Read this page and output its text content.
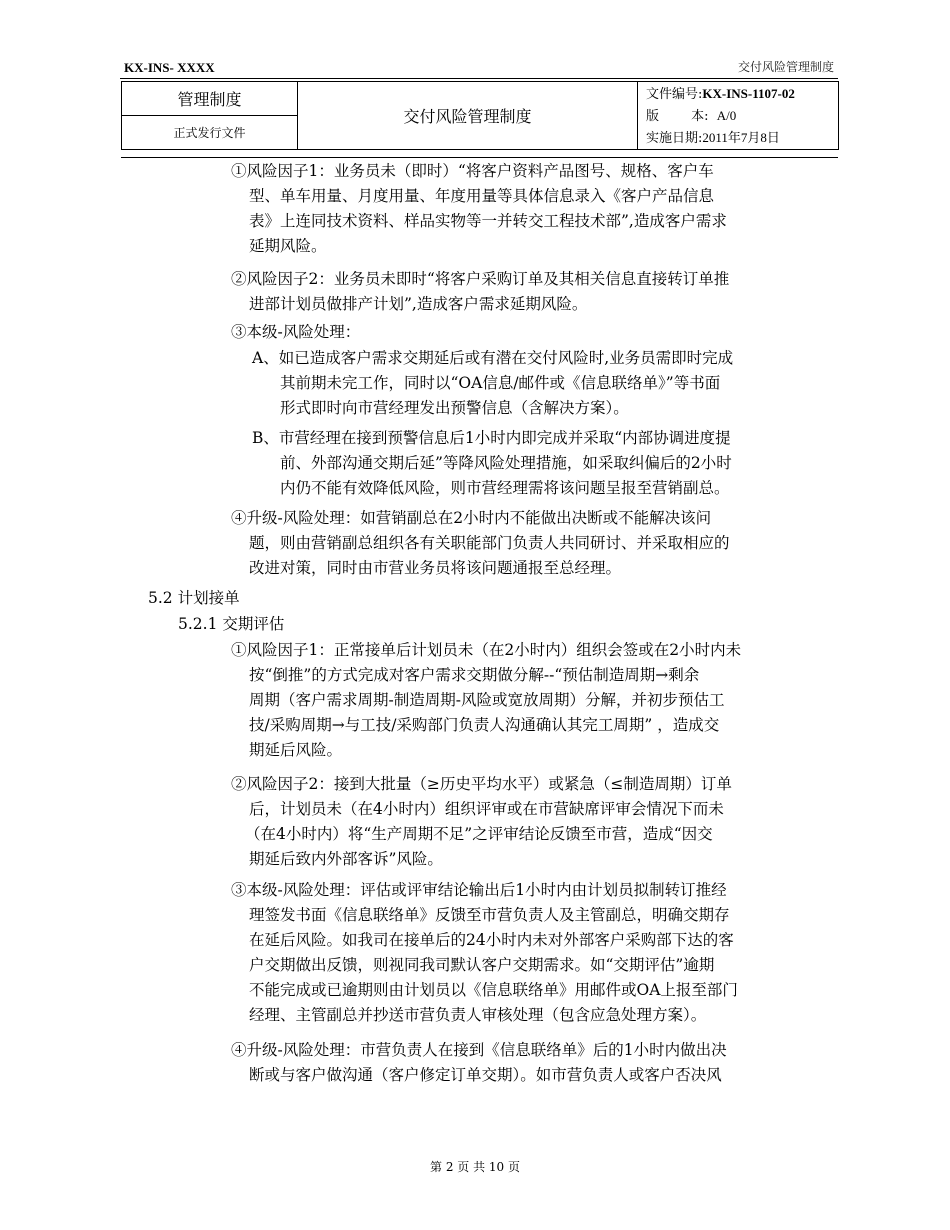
KX-INS- XXXX	交付风险管理制度
管理制度	交付风险管理制度	
文件编号:KX-INS-1107-02
版 本: A/0
实施日期:2011年7月8日

正式发行文件
①风险因子1：业务员未（即时）“将客户资料产品图号、规格、客户车
型、单车用量、月度用量、年度用量等具体信息录入《客户产品信息
表》上连同技术资料、样品实物等一并转交工程技术部”,造成客户需求
延期风险。
②风险因子2：业务员未即时“将客户采购订单及其相关信息直接转订单推
进部计划员做排产计划”,造成客户需求延期风险。
③本级-风险处理：
A、如已造成客户需求交期延后或有潜在交付风险时,业务员需即时完成
其前期未完工作，同时以“OA信息/邮件或《信息联络单》”等书面
形式即时向市营经理发出预警信息（含解决方案）。
B、市营经理在接到预警信息后1小时内即完成并采取“内部协调进度提
前、外部沟通交期后延”等降风险处理措施，如采取纠偏后的2小时
内仍不能有效降低风险，则市营经理需将该问题呈报至营销副总。
④升级-风险处理：如营销副总在2小时内不能做出决断或不能解决该问
题，则由营销副总组织各有关职能部门负责人共同研讨、并采取相应的
改进对策，同时由市营业务员将该问题通报至总经理。
5.2 计划接单
5.2.1 交期评估
①风险因子1：正常接单后计划员未（在2小时内）组织会签或在2小时内未
按“倒推”的方式完成对客户需求交期做分解--“预估制造周期→剩余
周期（客户需求周期-制造周期-风险或宽放周期）分解，并初步预估工
技/采购周期→与工技/采购部门负责人沟通确认其完工周期” ，造成交
期延后风险。
②风险因子2：接到大批量（≥历史平均水平）或紧急（≤制造周期）订单
后，计划员未（在4小时内）组织评审或在市营缺席评审会情况下而未
（在4小时内）将“生产周期不足”之评审结论反馈至市营，造成“因交
期延后致内外部客诉”风险。
③本级-风险处理：评估或评审结论输出后1小时内由计划员拟制转订推经
理签发书面《信息联络单》反馈至市营负责人及主管副总，明确交期存
在延后风险。如我司在接单后的24小时内未对外部客户采购部下达的客
户交期做出反馈，则视同我司默认客户交期需求。如“交期评估”逾期
不能完成或已逾期则由计划员以《信息联络单》用邮件或OA上报至部门
经理、主管副总并抄送市营负责人审核处理（包含应急处理方案）。
④升级-风险处理：市营负责人在接到《信息联络单》后的1小时内做出决
断或与客户做沟通（客户修定订单交期）。如市营负责人或客户否决风
第 2 页 共 10 页
